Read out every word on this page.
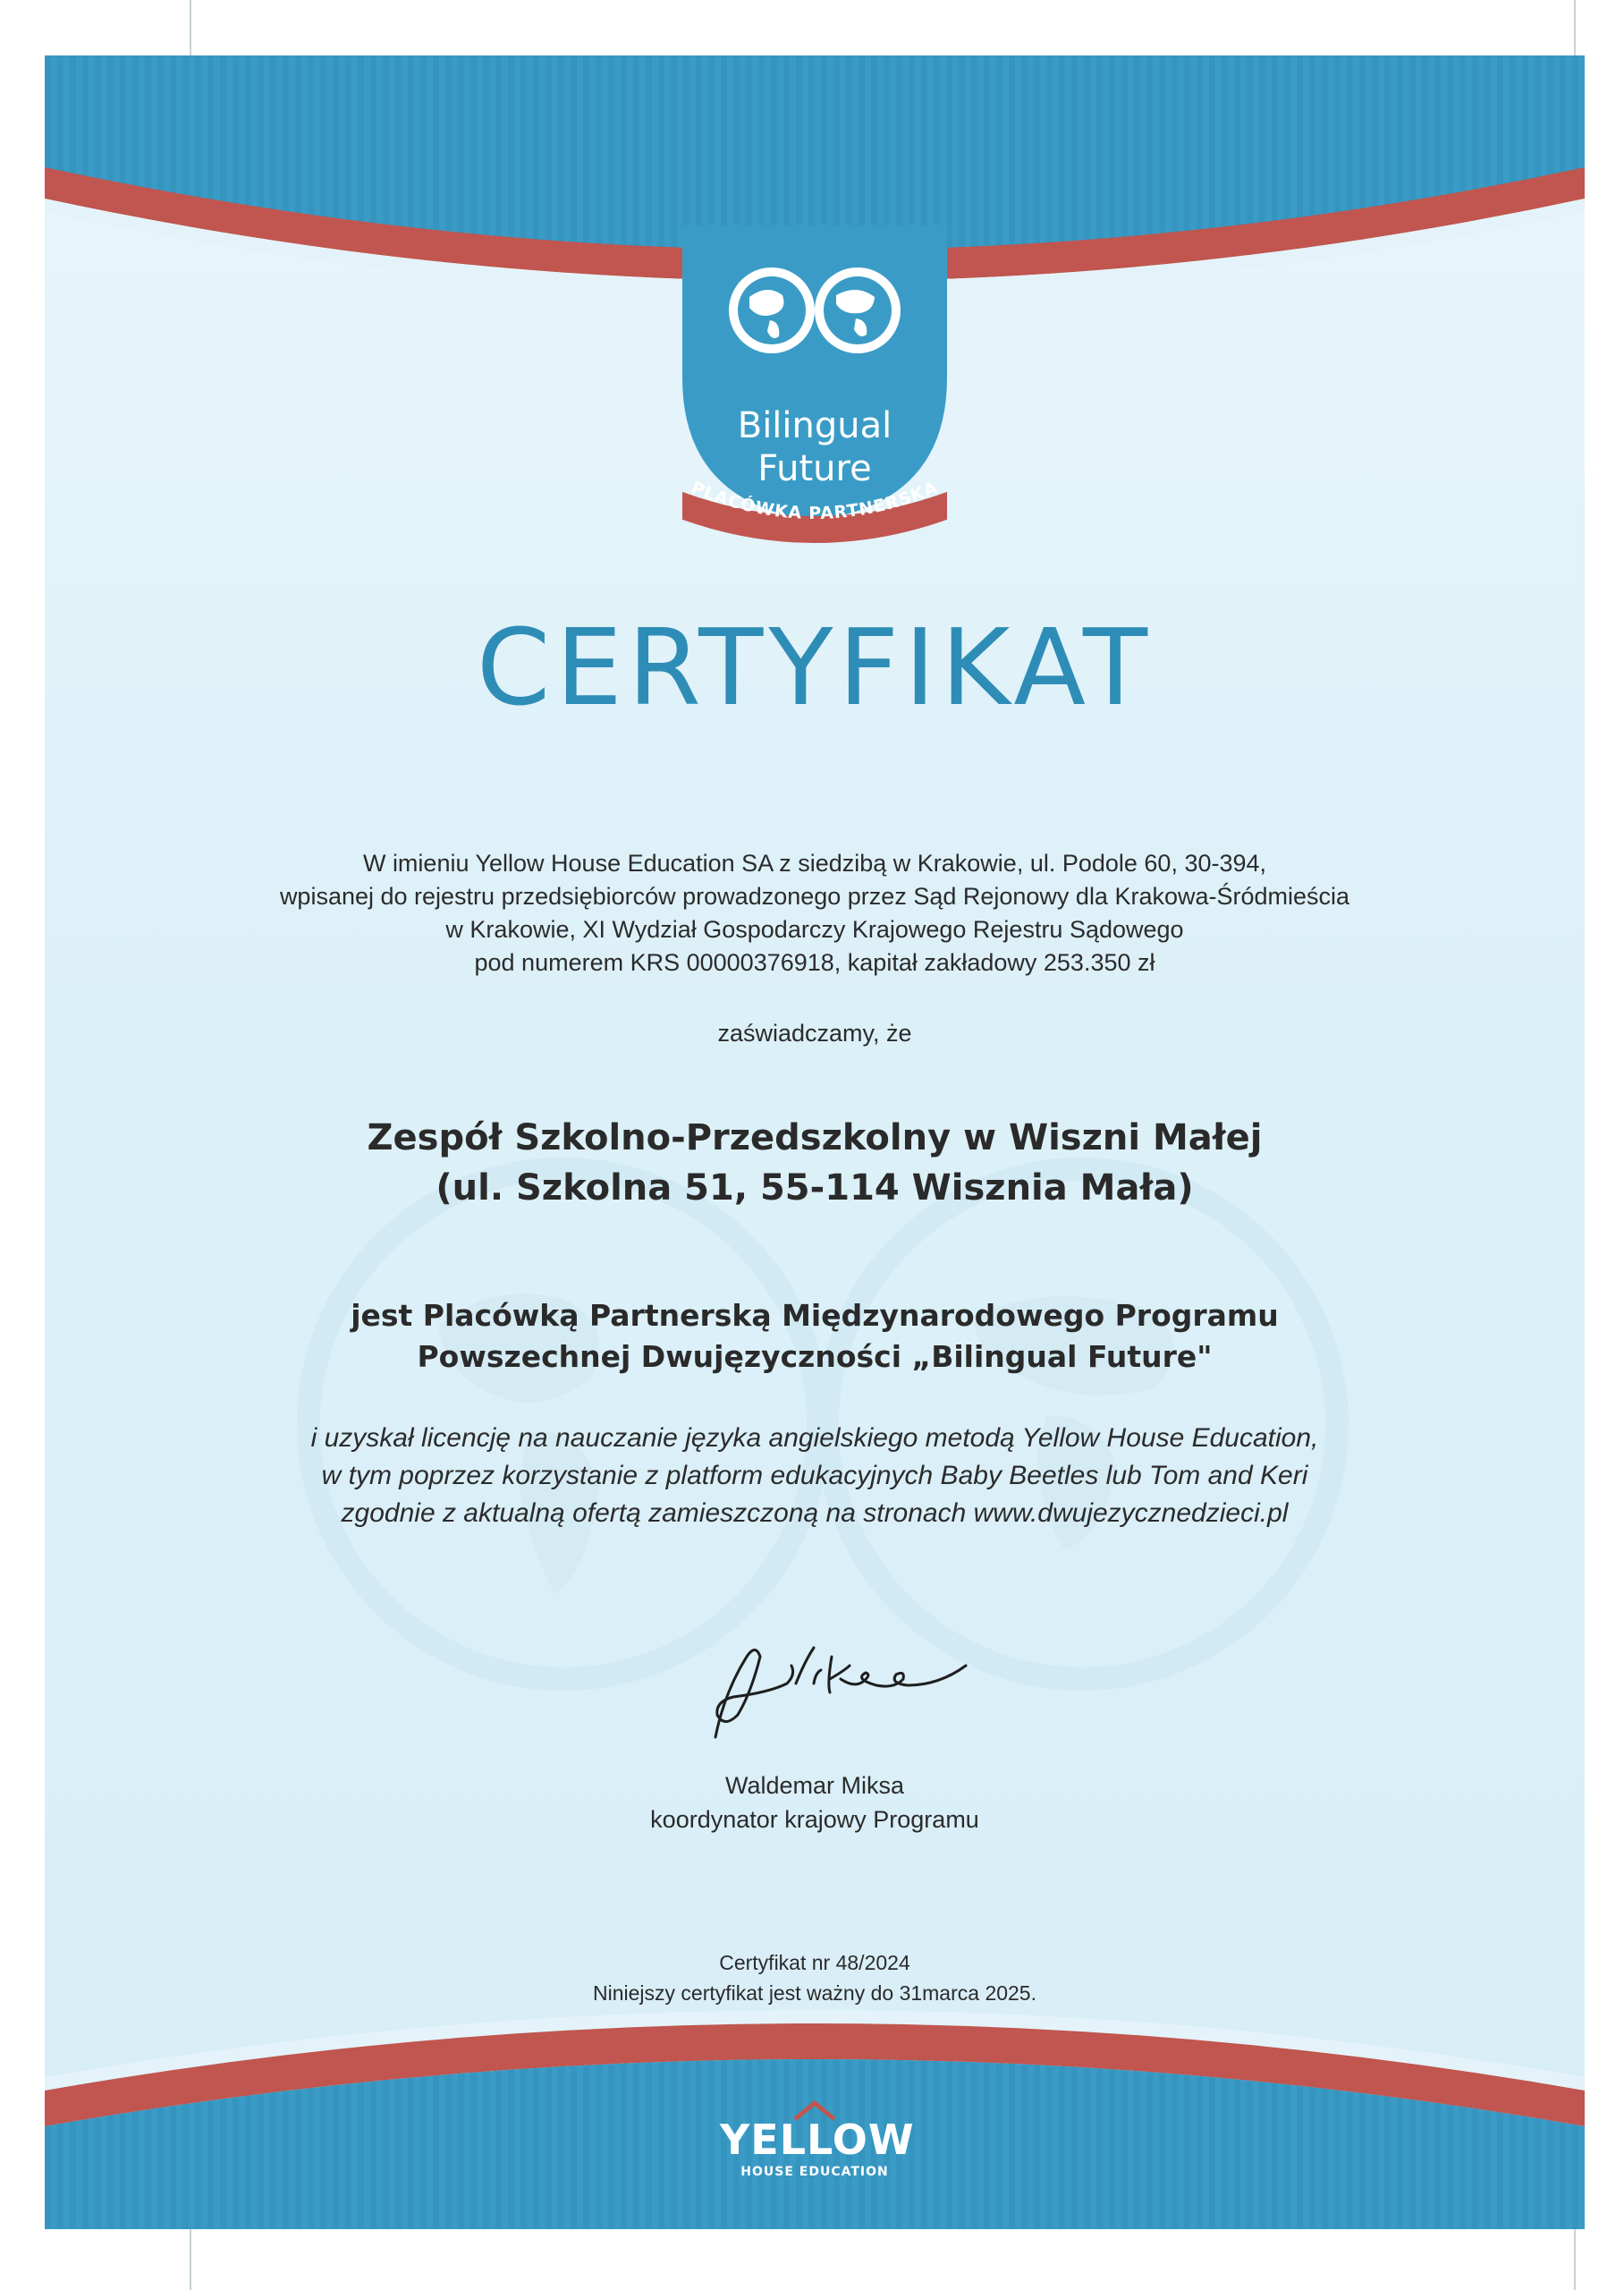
Bilingual
Future
PLACÓWKA PARTNERSKA
CERTYFIKAT
W imieniu Yellow House Education SA z siedzibą w Krakowie, ul. Podole 60, 30-394,
wpisanej do rejestru przedsiębiorców prowadzonego przez Sąd Rejonowy dla Krakowa-Śródmieścia
w Krakowie, XI Wydział Gospodarczy Krajowego Rejestru Sądowego
pod numerem KRS 00000376918, kapitał zakładowy 253.350 zł
zaświadczamy, że
Zespół Szkolno-Przedszkolny w Wiszni Małej
(ul. Szkolna 51, 55-114 Wisznia Mała)
jest Placówką Partnerską Międzynarodowego Programu
Powszechnej Dwujęzyczności „Bilingual Future"
i uzyskał licencję na nauczanie języka angielskiego metodą Yellow House Education,
w tym poprzez korzystanie z platform edukacyjnych Baby Beetles lub Tom and Keri
zgodnie z aktualną ofertą zamieszczoną na stronach www.dwujezycznedzieci.pl
Waldemar Miksa
koordynator krajowy Programu
Certyfikat nr 48/2024
Niniejszy certyfikat jest ważny do 31marca 2025.
YELLOW
HOUSE EDUCATION
